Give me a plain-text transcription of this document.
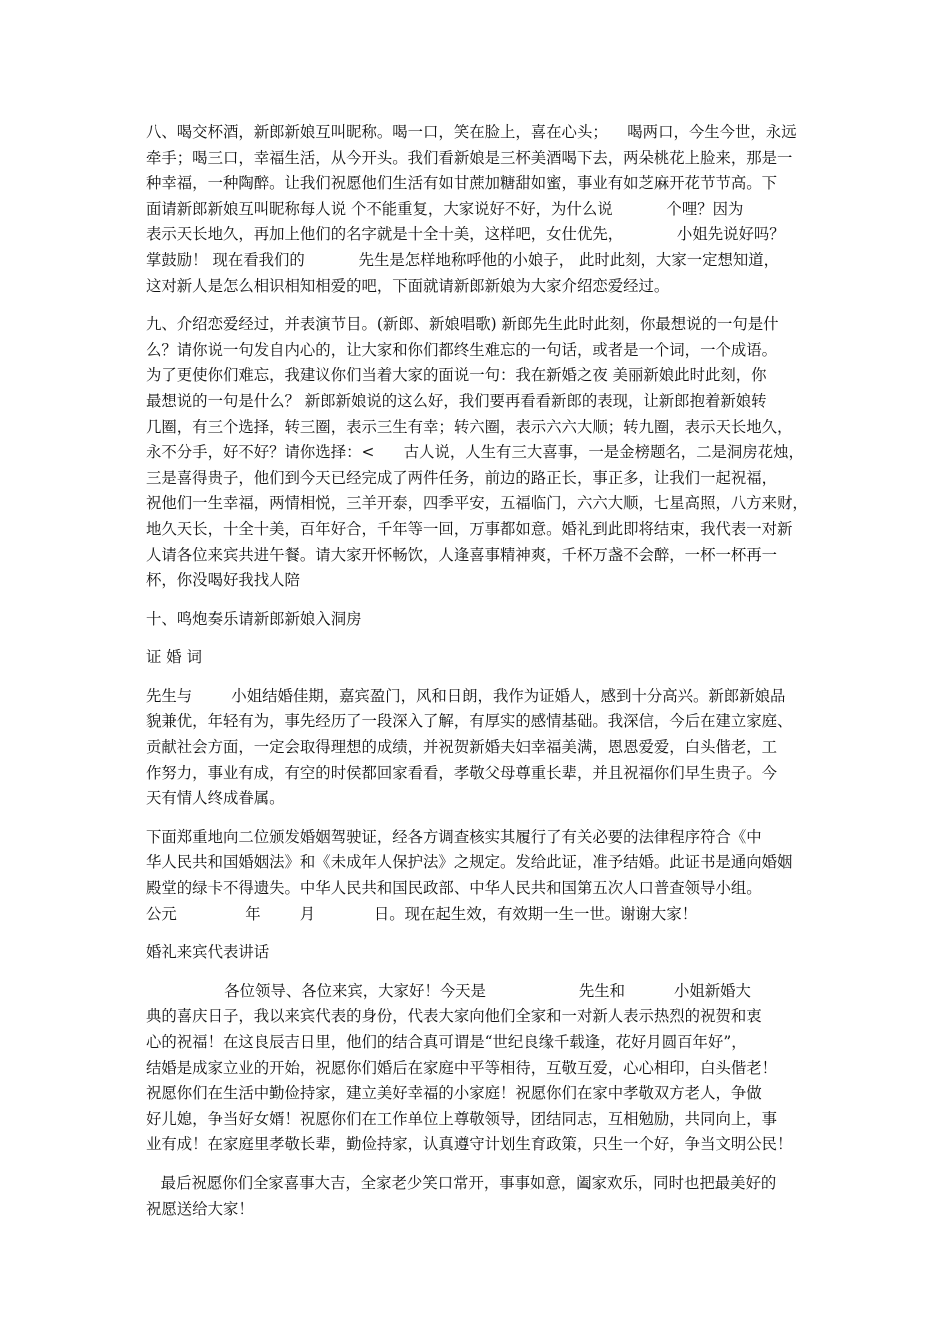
八、喝交杯酒，新郎新娘互叫昵称。喝一口，笑在脸上，喜在心头；    喝两口，今生今世，永远
牵手；喝三口，幸福生活，从今开头。我们看新娘是三杯美酒喝下去，两朵桃花上脸来，那是一
种幸福，一种陶醉。让我们祝愿他们生活有如甘蔗加糖甜如蜜，事业有如芝麻开花节节高。下
面请新郎新娘互叫昵称每人说 个不能重复，大家说好不好，为什么说           个哩？因为
表示天长地久，再加上他们的名字就是十全十美，这样吧，女仕优先，           小姐先说好吗？
掌鼓励！ 现在看我们的           先生是怎样地称呼他的小娘子， 此时此刻，大家一定想知道，
这对新人是怎么相识相知相爱的吧，下面就请新郎新娘为大家介绍恋爱经过。
九、介绍恋爱经过，并表演节目。(新郎、新娘唱歌) 新郎先生此时此刻，你最想说的一句是什
么？请你说一句发自内心的，让大家和你们都终生难忘的一句话，或者是一个词，一个成语。
为了更使你们难忘，我建议你们当着大家的面说一句：我在新婚之夜 美丽新娘此时此刻，你
最想说的一句是什么？ 新郎新娘说的这么好，我们要再看看新郎的表现，让新郎抱着新娘转
几圈，有三个选择，转三圈，表示三生有幸；转六圈，表示六六大顺；转九圈，表示天长地久，
永不分手，好不好？请你选择：<      古人说，人生有三大喜事，一是金榜题名，二是洞房花烛，
三是喜得贵子，他们到今天已经完成了两件任务，前边的路正长，事正多，让我们一起祝福，
祝他们一生幸福，两情相悦，三羊开泰，四季平安，五福临门，六六大顺，七星高照，八方来财，
地久天长，十全十美，百年好合，千年等一回，万事都如意。婚礼到此即将结束，我代表一对新
人请各位来宾共进午餐。请大家开怀畅饮，人逢喜事精神爽，千杯万盏不会醉，一杯一杯再一
杯，你没喝好我找人陪
十、鸣炮奏乐请新郎新娘入洞房
证 婚 词
先生与        小姐结婚佳期，嘉宾盈门，风和日朗，我作为证婚人，感到十分高兴。新郎新娘品
貌兼优，年轻有为，事先经历了一段深入了解，有厚实的感情基础。我深信，今后在建立家庭、
贡献社会方面，一定会取得理想的成绩，并祝贺新婚夫妇幸福美满，恩恩爱爱，白头偕老，工
作努力，事业有成，有空的时侯都回家看看，孝敬父母尊重长辈，并且祝福你们早生贵子。今
天有情人终成眷属。
下面郑重地向二位颁发婚姻驾驶证，经各方调查核实其履行了有关必要的法律程序符合《中
华人民共和国婚姻法》和《未成年人保护法》之规定。发给此证，准予结婚。此证书是通向婚姻
殿堂的绿卡不得遗失。中华人民共和国民政部、中华人民共和国第五次人口普查领导小组。
公元              年        月            日。现在起生效，有效期一生一世。谢谢大家！
婚礼来宾代表讲话
各位领导、各位来宾，大家好！今天是                   先生和          小姐新婚大
典的喜庆日子，我以来宾代表的身份，代表大家向他们全家和一对新人表示热烈的祝贺和衷
心的祝福！在这良辰吉日里，他们的结合真可谓是“世纪良缘千载逢，花好月圆百年好”，
结婚是成家立业的开始，祝愿你们婚后在家庭中平等相待，互敬互爱，心心相印，白头偕老！
祝愿你们在生活中勤俭持家，建立美好幸福的小家庭！祝愿你们在家中孝敬双方老人，争做
好儿媳，争当好女婿！祝愿你们在工作单位上尊敬领导，团结同志，互相勉励，共同向上，事
业有成！在家庭里孝敬长辈，勤俭持家，认真遵守计划生育政策，只生一个好，争当文明公民！
最后祝愿你们全家喜事大吉，全家老少笑口常开，事事如意，阖家欢乐，同时也把最美好的
祝愿送给大家！
